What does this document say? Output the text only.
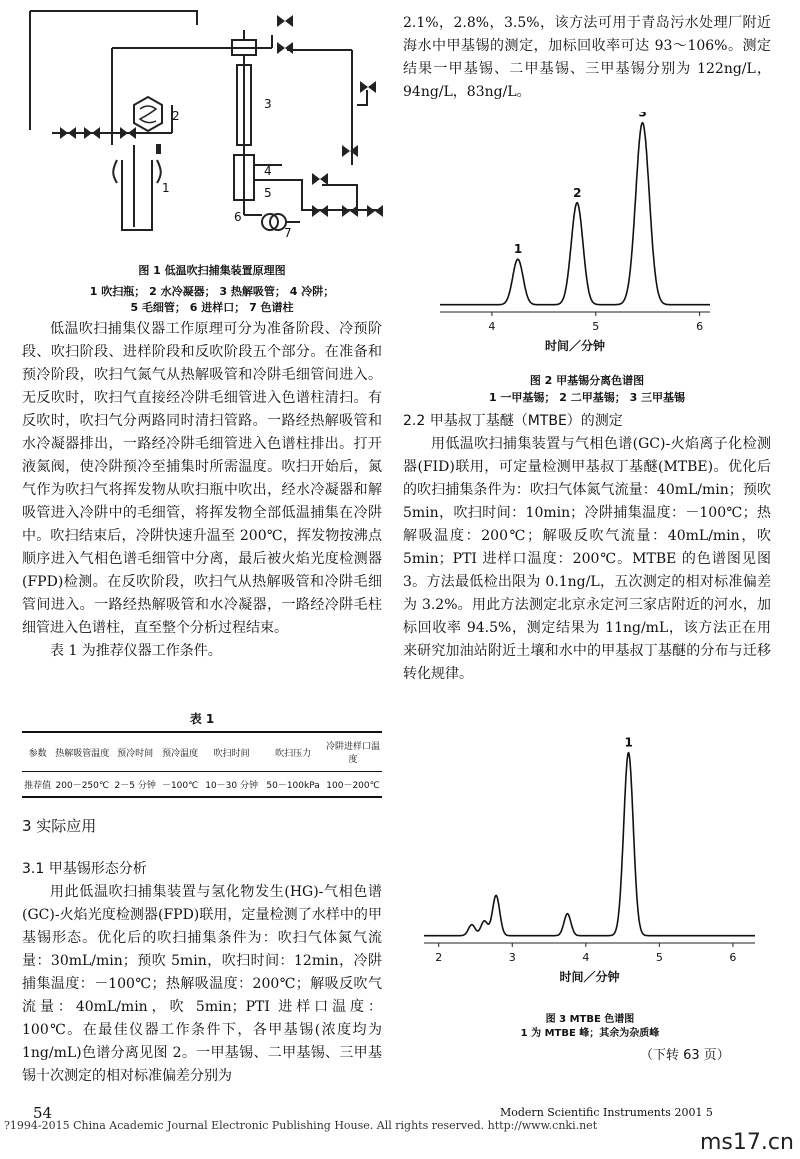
1
2
3
4
5
6
7
图 1 低温吹扫捕集装置原理图
1 吹扫瓶； 2 水冷凝器； 3 热解吸管； 4 冷阱；
5 毛细管； 6 进样口； 7 色谱柱

低温吹扫捕集仪器工作原理可分为准备阶段、冷预阶段、吹扫阶段、进样阶段和反吹阶段五个部分。在准备和预冷阶段，吹扫气氮气从热解吸管和冷阱毛细管间进入。无反吹时，吹扫气直接经冷阱毛细管进入色谱柱清扫。有反吹时，吹扫气分两路同时清扫管路。一路经热解吸管和水冷凝器排出，一路经冷阱毛细管进入色谱柱排出。打开液氮阀，使冷阱预冷至捕集时所需温度。吹扫开始后，氮气作为吹扫气将挥发物从吹扫瓶中吹出，经水冷凝器和解吸管进入冷阱中的毛细管，将挥发物全部低温捕集在冷阱中。吹扫结束后，冷阱快速升温至 200℃，挥发物按沸点顺序进入气相色谱毛细管中分离，最后被火焰光度检测器(FPD)检测。在反吹阶段，吹扫气从热解吸管和冷阱毛细管间进入。一路经热解吸管和水冷凝器，一路经冷阱毛柱细管进入色谱柱，直至整个分析过程结束。

表 1 为推荐仪器工作条件。

表 1
参数	热解吸管温度	预冷时间	预冷温度	吹扫时间	吹扫压力	冷阱进样口温度
推荐值	200－250℃	2－5 分钟	－100℃	10－30 分钟	50－100kPa	100－200℃
3 实际应用
3.1 甲基锡形态分析

用此低温吹扫捕集装置与氢化物发生(HG)-气相色谱(GC)-火焰光度检测器(FPD)联用，定量检测了水样中的甲基锡形态。优化后的吹扫捕集条件为：吹扫气体氮气流量：30mL/min；预吹 5min，吹扫时间：12min，冷阱捕集温度：－100℃；热解吸温度：200℃；解吸反吹气流量：40mL/min，吹 5min；PTI 进样口温度：100℃。在最佳仪器工作条件下，各甲基锡(浓度均为 1ng/mL)色谱分离见图 2。一甲基锡、二甲基锡、三甲基锡十次测定的相对标准偏差分别为

2.1%，2.8%，3.5%，该方法可用于青岛污水处理厂附近海水中甲基锡的测定，加标回收率可达 93～106%。测定结果一甲基锡、二甲基锡、三甲基锡分别为 122ng/L，94ng/L，83ng/L。

4	5	6
1
2
3
时间／分钟
图 2 甲基锡分离色谱图
1 一甲基锡； 2 二甲基锡； 3 三甲基锡
2.2 甲基叔丁基醚（MTBE）的测定

用低温吹扫捕集装置与气相色谱(GC)-火焰离子化检测器(FID)联用，可定量检测甲基叔丁基醚(MTBE)。优化后的吹扫捕集条件为：吹扫气体氮气流量：40mL/min；预吹 5min，吹扫时间：10min；冷阱捕集温度：－100℃；热解吸温度：200℃；解吸反吹气流量：40mL/min，吹 5min；PTI 进样口温度：200℃。MTBE 的色谱图见图 3。方法最低检出限为 0.1ng/L，五次测定的相对标准偏差为 3.2%。用此方法测定北京永定河三家店附近的河水，加标回收率 94.5%，测定结果为 11ng/mL，该方法正在用来研究加油站附近土壤和水中的甲基叔丁基醚的分布与迁移转化规律。

2	3	4	5	6
1
时间／分钟
图 3 MTBE 色谱图
1 为 MTBE 峰；其余为杂质峰
（下转 63 页）
54	Modern Scientific Instruments 2001 5
?1994-2015 China Academic Journal Electronic Publishing House. All rights reserved. http://www.cnki.net
ms17.cn
